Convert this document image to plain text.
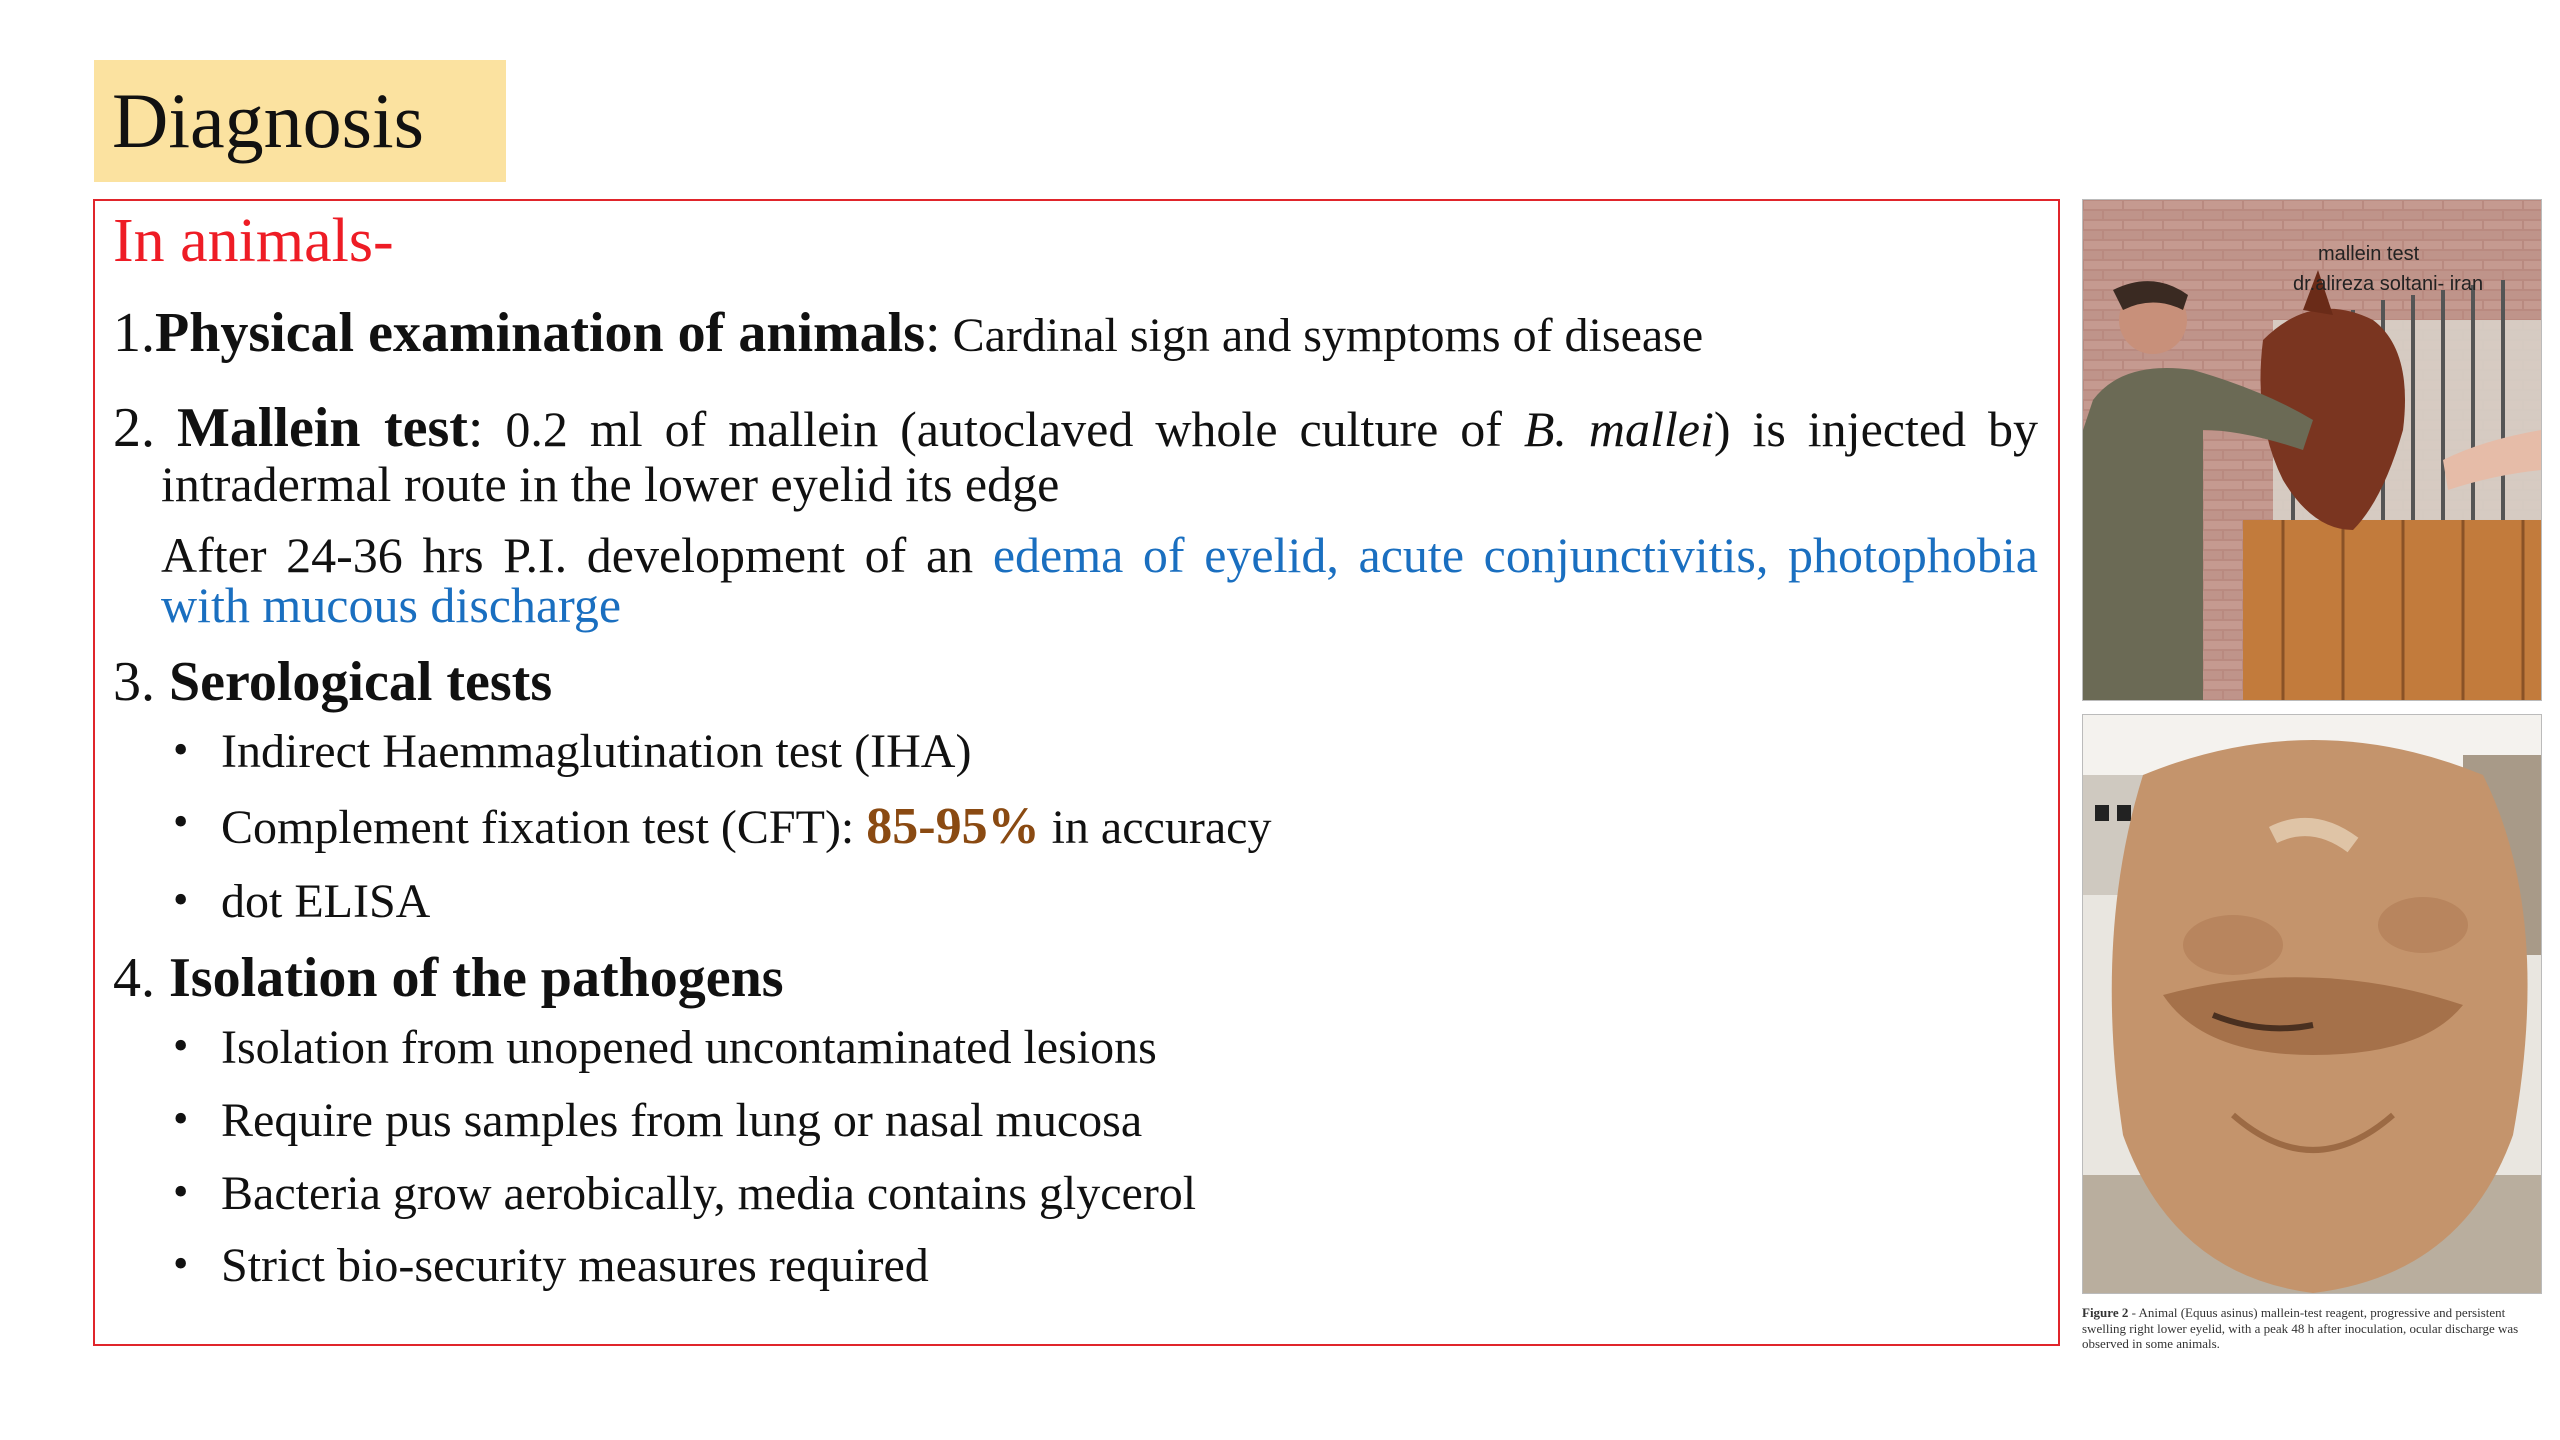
Diagnosis
In animals-
1.Physical examination of animals: Cardinal sign and symptoms of disease
2. Mallein test: 0.2 ml of mallein (autoclaved whole culture of B. mallei) is injected by intradermal route in the lower eyelid its edge
After 24-36 hrs P.I. development of an edema of eyelid, acute conjunctivitis, photophobia with mucous discharge
3. Serological tests
• Indirect Haemmaglutination test (IHA)
• Complement fixation test (CFT): 85-95% in accuracy
• dot ELISA
4. Isolation of the pathogens
• Isolation from unopened uncontaminated lesions
• Require pus samples from lung or nasal mucosa
• Bacteria grow aerobically, media contains glycerol
• Strict bio-security measures required
mallein test
dr.alireza soltani- iran
Figure 2 - Animal (Equus asinus) mallein-test reagent, progressive and persistent swelling right lower eyelid, with a peak 48 h after inoculation, ocular discharge was observed in some animals.
